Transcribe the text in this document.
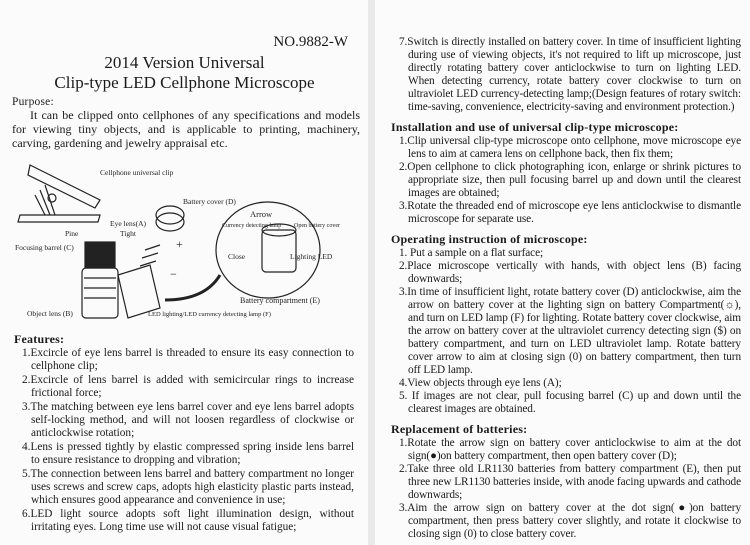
NO.9882-W
2014 Version Universal
Clip-type LED Cellphone Microscope
Purpose:
It can be clipped onto cellphones of any specifications and models for viewing tiny objects, and is applicable to printing, machinery, carving, gardening and jewelry appraisal etc.
Cellphone universal clip
Battery cover (D)
Eye lens(A)
Pine	Tight
Focusing barrel (C)
Arrow
Currency detecting lamp Open battery cover
Close	Lighting LED
+
−
Battery compartment (E)
Object lens (B)	LED lighting/LED currency detecting lamp (F)
Features:
1.Excircle of eye lens barrel is threaded to ensure its easy connection to cellphone clip;
2.Excircle of lens barrel is added with semicircular rings to increase frictional force;
3.The matching between eye lens barrel cover and eye lens barrel adopts self-locking method, and will not loosen regardless of clockwise or anticlockwise rotation;
4.Lens is pressed tightly by elastic compressed spring inside lens barrel to ensure resistance to dropping and vibration;
5.The connection between lens barrel and battery compartment no longer uses screws and screw caps, adopts high elasticity plastic parts instead, which ensures good appearance and convenience in use;
6.LED light source adopts soft light illumination design, without irritating eyes. Long time use will not cause visual fatigue;
7.Switch is directly installed on battery cover. In time of insufficient lighting during use of viewing objects, it's not required to lift up microscope, just directly rotating battery cover anticlockwise to turn on lighting LED. When detecting currency, rotate battery cover clockwise to turn on ultraviolet LED currency-detecting lamp;(Design features of rotary switch: time-saving, convenience, electricity-saving and environment protection.)
Installation and use of universal clip-type microscope:
1.Clip universal clip-type microscope onto cellphone, move microscope eye lens to aim at camera lens on cellphone back, then fix them;
2.Open cellphone to click photographing icon, enlarge or shrink pictures to appropriate size, then pull focusing barrel up and down until the clearest images are obtained;
3.Rotate the threaded end of microscope eye lens anticlockwise to dismantle microscope for separate use.
Operating instruction of microscope:
1. Put a sample on a flat surface;
2.Place microscope vertically with hands, with object lens (B) facing downwards;
3.In time of insufficient light, rotate battery cover (D) anticlockwise, aim the arrow on battery cover at the lighting sign on battery Compartment(☼), and turn on LED lamp (F) for lighting. Rotate battery cover clockwise, aim the arrow on battery cover at the ultraviolet currency detecting sign ($) on battery compartment, and turn on LED ultraviolet lamp. Rotate battery cover arrow to aim at closing sign (0) on battery compartment, then turn off LED lamp.
4.View objects through eye lens (A);
5. If images are not clear, pull focusing barrel (C) up and down until the clearest images are obtained.
Replacement of batteries:
1.Rotate the arrow sign on battery cover anticlockwise to aim at the dot sign(●)on battery compartment, then open battery cover (D);
2.Take three old LR1130 batteries from battery compartment (E), then put three new LR1130 batteries inside, with anode facing upwards and cathode downwards;
3.Aim the arrow sign on battery cover at the dot sign(●)on battery compartment, then press battery cover slightly, and rotate it clockwise to closing sign (0) to close battery cover.
